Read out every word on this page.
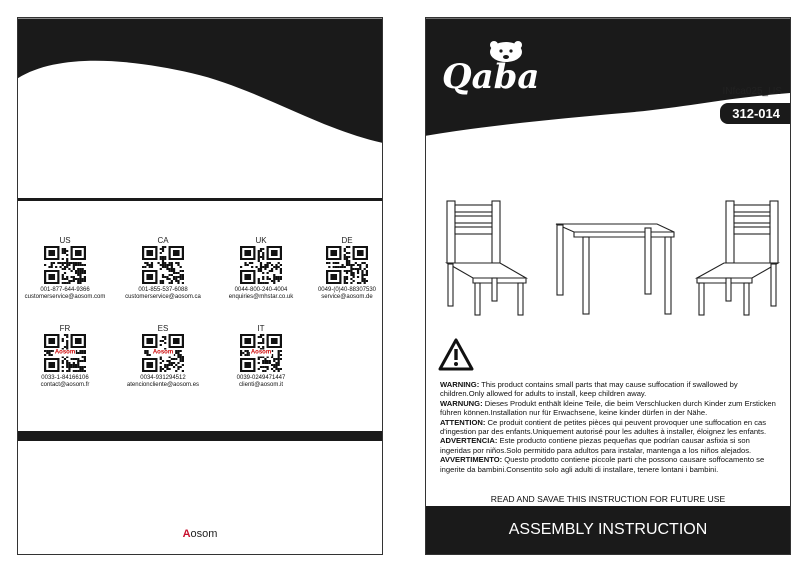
US
001-877-644-9366
customerservice@aosom.com
CA
001-855-537-6088
customerservice@aosom.ca
UK
0044-800-240-4004
enquiries@mhstar.co.uk
DE
0049-(0)40-88307530
service@aosom.de
FR
Aosom
0033-1-84166106
contact@aosom.fr
ES
Aosom
0034-931294512
atencioncliente@aosom.es
IT
Aosom
0039-0249471447
clienti@aosom.it
Aosom
Qaba	INfca025_US
312-014
WARNING: This product contains small parts that may cause suffocation if swallowed by children.Only allowed for adults to install, keep children away.
WARNUNG: Dieses Produkt enthält kleine Teile, die beim Verschlucken durch Kinder zum Ersticken führen können.Installation nur für Erwachsene, keine kinder dürfen in der Nähe.
ATTENTION: Ce produit contient de petites pièces qui peuvent provoquer une suffocation en cas d'ingestion par des enfants.Uniquement autorisé pour les adultes à installer, éloignez les enfants.
ADVERTENCIA: Este producto contiene piezas pequeñas que podrían causar asfixia si son ingeridas por niños.Solo permitido para adultos para instalar, mantenga a los niños alejados.
AVVERTIMENTO: Questo prodotto contiene piccole parti che possono causare soffocamento se ingerite da bambini.Consentito solo agli adulti di installare, tenere lontani i bambini.
READ AND SAVAE THIS INSTRUCTION FOR FUTURE USE
ASSEMBLY INSTRUCTION
